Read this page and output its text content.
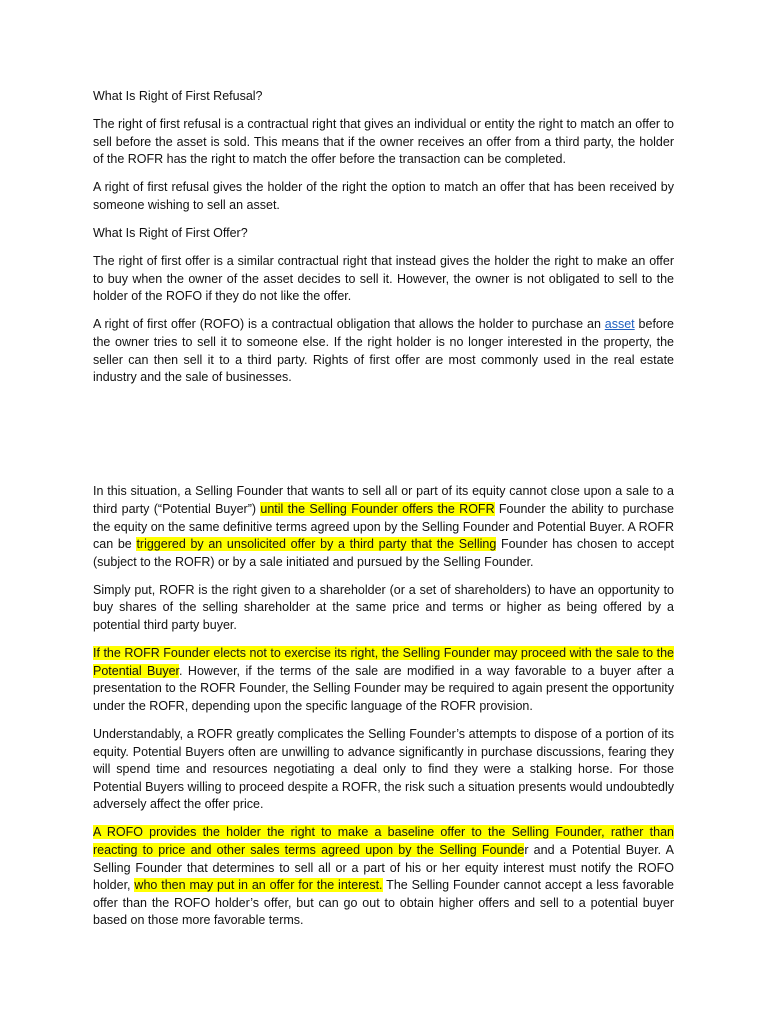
What Is Right of First Refusal?

The right of first refusal is a contractual right that gives an individual or entity the right to match an offer to sell before the asset is sold. This means that if the owner receives an offer from a third party, the holder of the ROFR has the right to match the offer before the transaction can be completed.

A right of first refusal gives the holder of the right the option to match an offer that has been received by someone wishing to sell an asset.

What Is Right of First Offer?

The right of first offer is a similar contractual right that instead gives the holder the right to make an offer to buy when the owner of the asset decides to sell it. However, the owner is not obligated to sell to the holder of the ROFO if they do not like the offer.

A right of first offer (ROFO) is a contractual obligation that allows the holder to purchase an asset before the owner tries to sell it to someone else. If the right holder is no longer interested in the property, the seller can then sell it to a third party. Rights of first offer are most commonly used in the real estate industry and the sale of businesses.

In this situation, a Selling Founder that wants to sell all or part of its equity cannot close upon a sale to a third party (“Potential Buyer”) until the Selling Founder offers the ROFR Founder the ability to purchase the equity on the same definitive terms agreed upon by the Selling Founder and Potential Buyer. A ROFR can be triggered by an unsolicited offer by a third party that the Selling Founder has chosen to accept (subject to the ROFR) or by a sale initiated and pursued by the Selling Founder.

Simply put, ROFR is the right given to a shareholder (or a set of shareholders) to have an opportunity to buy shares of the selling shareholder at the same price and terms or higher as being offered by a potential third party buyer.

If the ROFR Founder elects not to exercise its right, the Selling Founder may proceed with the sale to the Potential Buyer. However, if the terms of the sale are modified in a way favorable to a buyer after a presentation to the ROFR Founder, the Selling Founder may be required to again present the opportunity under the ROFR, depending upon the specific language of the ROFR provision.

Understandably, a ROFR greatly complicates the Selling Founder’s attempts to dispose of a portion of its equity. Potential Buyers often are unwilling to advance significantly in purchase discussions, fearing they will spend time and resources negotiating a deal only to find they were a stalking horse. For those Potential Buyers willing to proceed despite a ROFR, the risk such a situation presents would undoubtedly adversely affect the offer price.

A ROFO provides the holder the right to make a baseline offer to the Selling Founder, rather than reacting to price and other sales terms agreed upon by the Selling Founder and a Potential Buyer. A Selling Founder that determines to sell all or a part of his or her equity interest must notify the ROFO holder, who then may put in an offer for the interest. The Selling Founder cannot accept a less favorable offer than the ROFO holder’s offer, but can go out to obtain higher offers and sell to a potential buyer based on those more favorable terms.
